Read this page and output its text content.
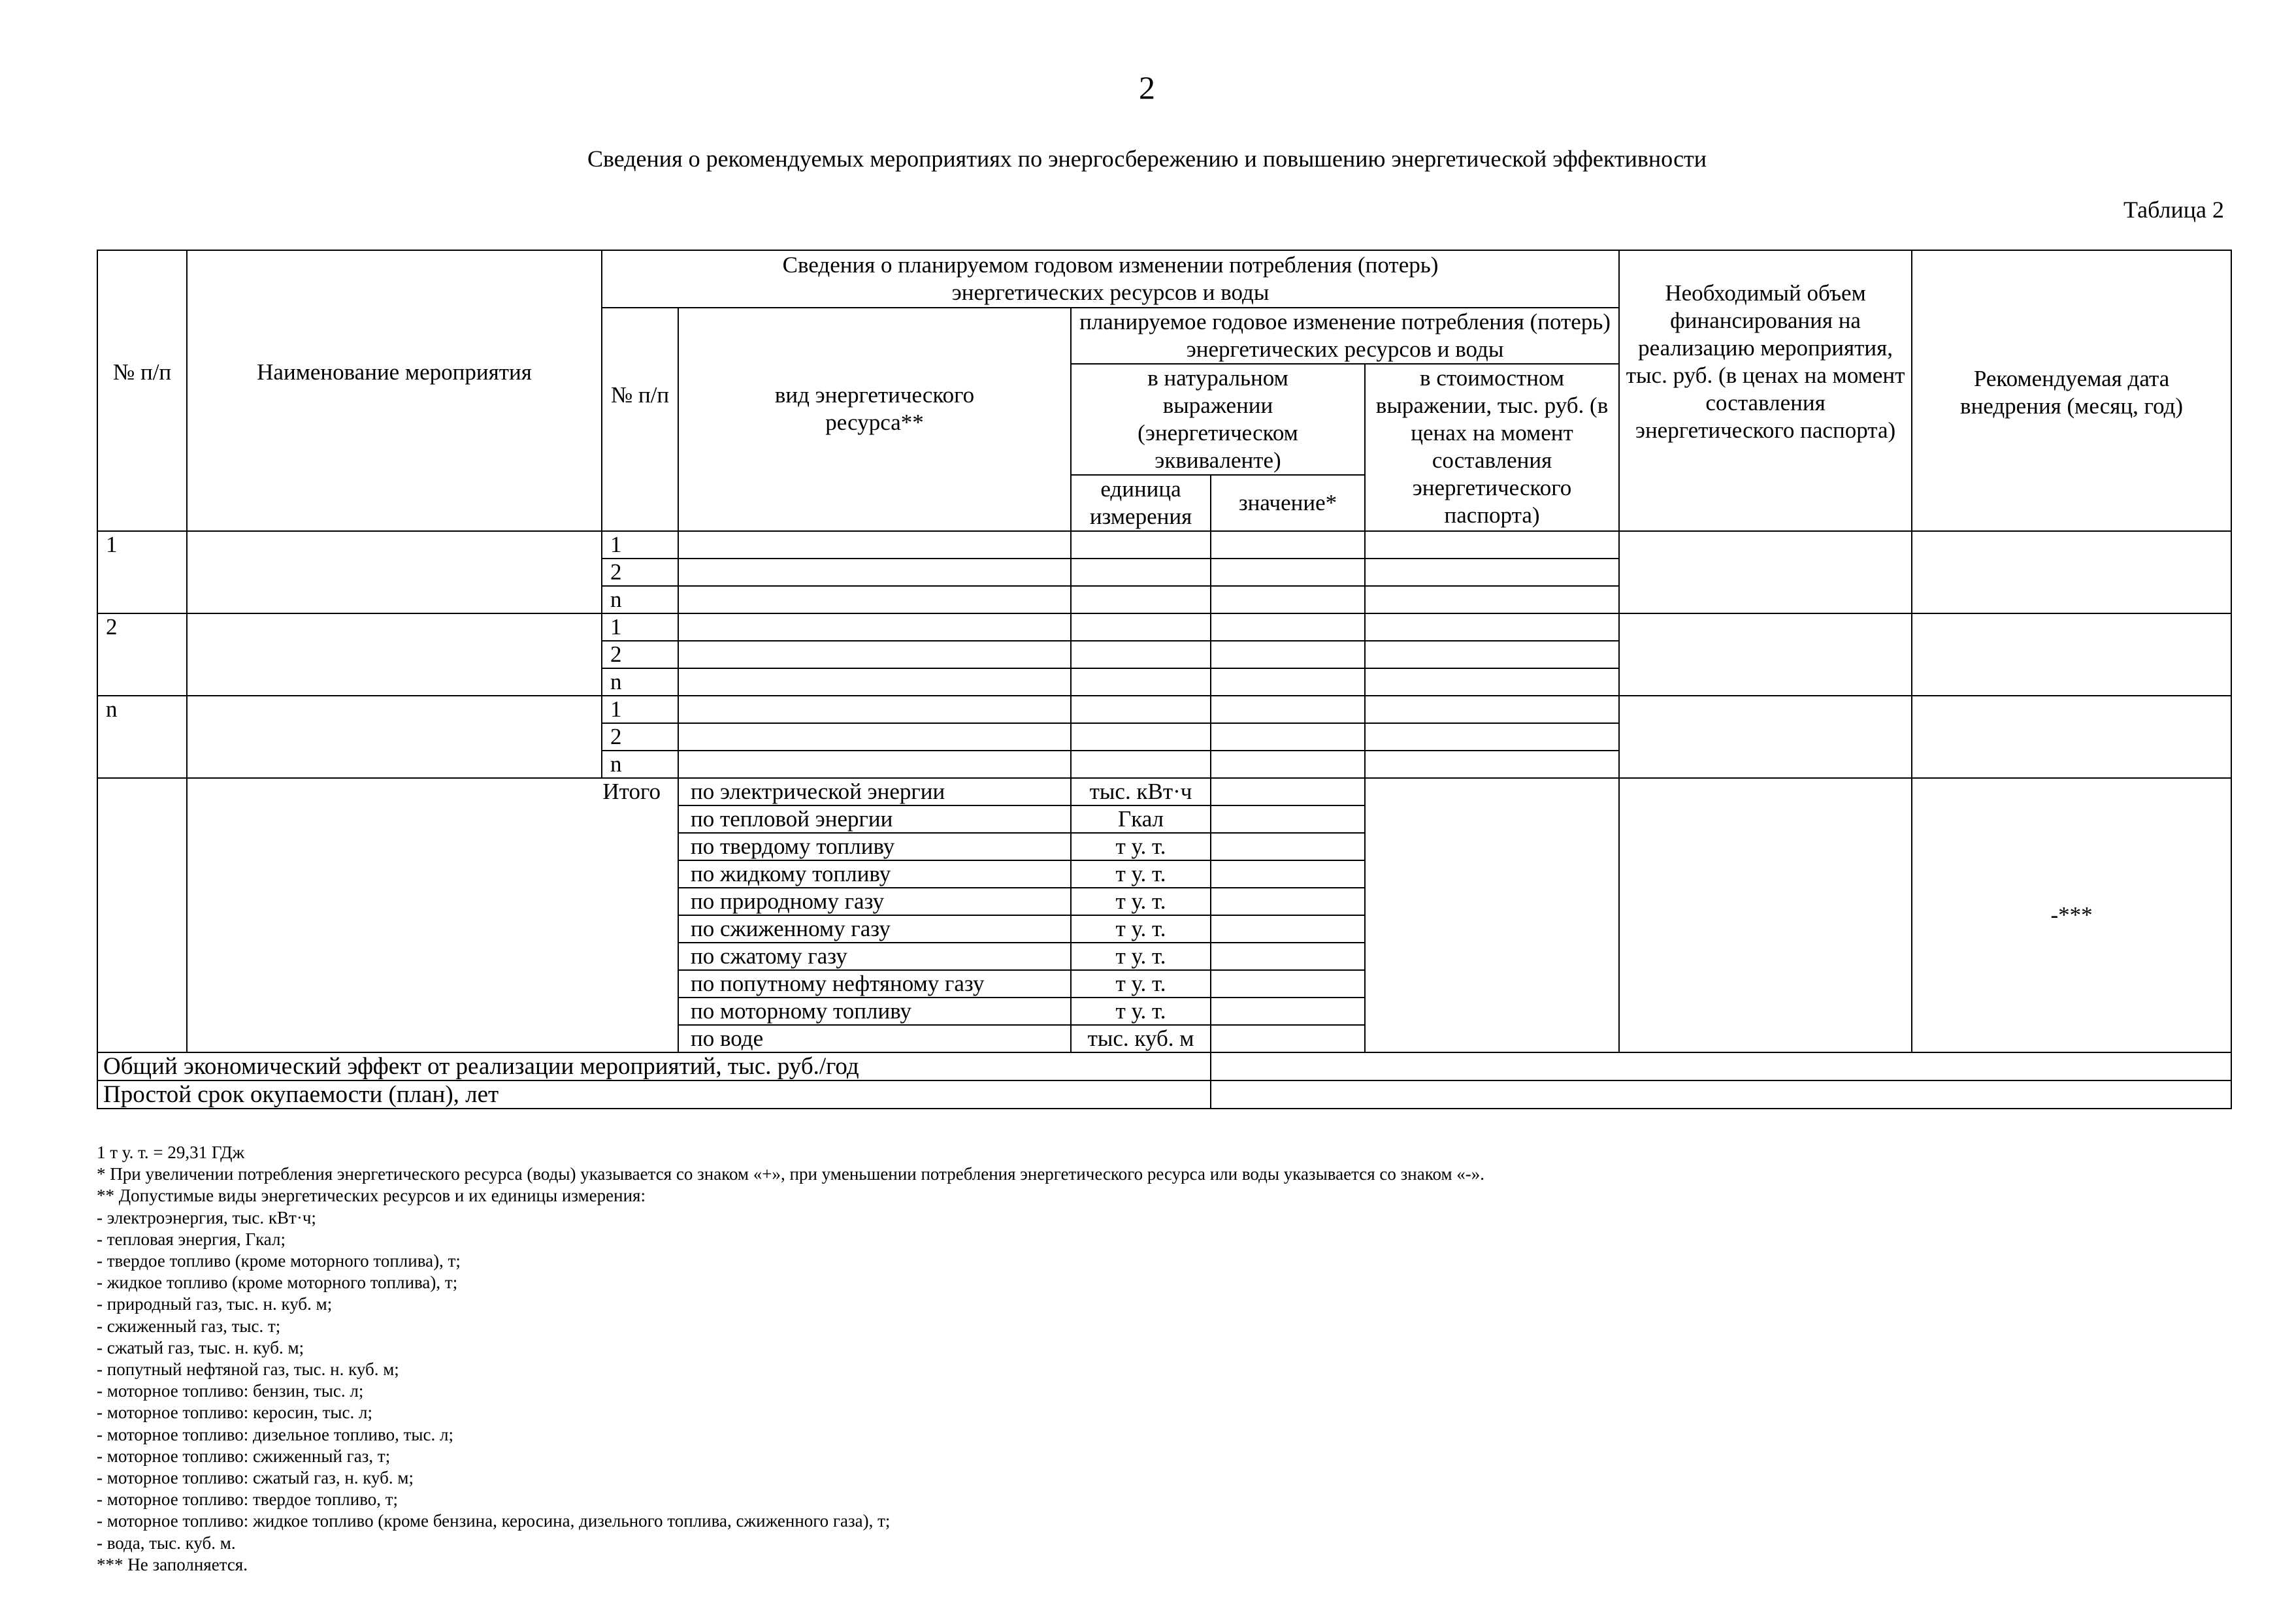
2
Сведения о рекомендуемых мероприятиях по энергосбережению и повышению энергетической эффективности
Таблица 2
№ п/п	Наименование мероприятия	Сведения о планируемом годовом изменении потребления (потерь) энергетических ресурсов и воды					Необходимый объем финансирования на реализацию мероприятия, тыс. руб. (в ценах на момент составления энергетического паспорта)	Рекомендуемая дата внедрения (месяц, год)
		№ п/п	вид энергетического ресурса**	планируемое годовое изменение потребления (потерь) энергетических ресурсов и воды				
				в натуральном выражении (энергетическом эквиваленте)		в стоимостном выражении, тыс. руб. (в ценах на момент составления энергетического паспорта)		
				единица измерения	значение*			

1		1						
		2						
		n						
2		1						
		2						
		n						
n		1						
		2						
		n						
	Итого		по электрической энергии	тыс. кВт·ч				-***
			по тепловой энергии	Гкал				
			по твердому топливу	т у. т.				
			по жидкому топливу	т у. т.				
			по природному газу	т у. т.				
			по сжиженному газу	т у. т.				
			по сжатому газу	т у. т.				
			по попутному нефтяному газу	т у. т.				
			по моторному топливу	т у. т.				
			по воде	тыс. куб. м				
Общий экономический эффект от реализации мероприятий, тыс. руб./год								
Простой срок окупаемости (план), лет								
1 т у. т. = 29,31 ГДж
* При увеличении потребления энергетического ресурса (воды) указывается со знаком «+», при уменьшении потребления энергетического ресурса или воды указывается со знаком «-».
** Допустимые виды энергетических ресурсов и их единицы измерения:
- электроэнергия, тыс. кВт·ч;
- тепловая энергия, Гкал;
- твердое топливо (кроме моторного топлива), т;
- жидкое топливо (кроме моторного топлива), т;
- природный газ, тыс. н. куб. м;
- сжиженный газ, тыс. т;
- сжатый газ, тыс. н. куб. м;
- попутный нефтяной газ, тыс. н. куб. м;
- моторное топливо: бензин, тыс. л;
- моторное топливо: керосин, тыс. л;
- моторное топливо: дизельное топливо, тыс. л;
- моторное топливо: сжиженный газ, т;
- моторное топливо: сжатый газ, н. куб. м;
- моторное топливо: твердое топливо, т;
- моторное топливо: жидкое топливо (кроме бензина, керосина, дизельного топлива, сжиженного газа), т;
- вода, тыс. куб. м.
*** Не заполняется.
